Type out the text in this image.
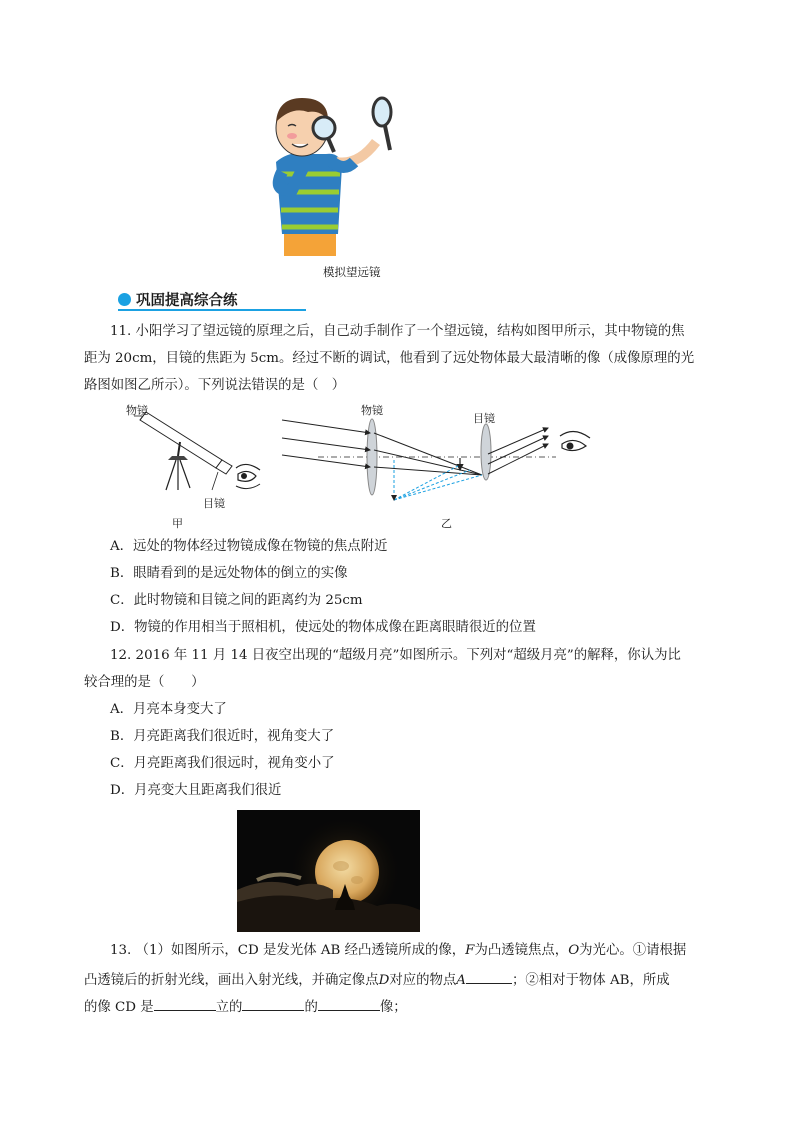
模拟望远镜
巩固提高综合练
11. 小阳学习了望远镜的原理之后，自己动手制作了一个望远镜，结构如图甲所示，其中物镜的焦
距为 20cm，目镜的焦距为 5cm。经过不断的调试，他看到了远处物体最大最清晰的像（成像原理的光
路图如图乙所示）。下列说法错误的是（　）
物镜
目镜
甲
物镜
目镜
乙
A．远处的物体经过物镜成像在物镜的焦点附近
B．眼睛看到的是远处物体的倒立的实像
C．此时物镜和目镜之间的距离约为 25cm
D．物镜的作用相当于照相机，使远处的物体成像在距离眼睛很近的位置
12. 2016 年 11 月 14 日夜空出现的“超级月亮”如图所示。下列对“超级月亮”的解释，你认为比
较合理的是（　　）
A．月亮本身变大了
B．月亮距离我们很近时，视角变大了
C．月亮距离我们很远时，视角变小了
D．月亮变大且距离我们很近
13. （1）如图所示，CD 是发光体 AB 经凸透镜所成的像，F为凸透镜焦点，O为光心。①请根据
凸透镜后的折射光线，画出入射光线，并确定像点D对应的物点A	；②相对于物体 AB，所成
的像 CD 是	立的	的	像；
